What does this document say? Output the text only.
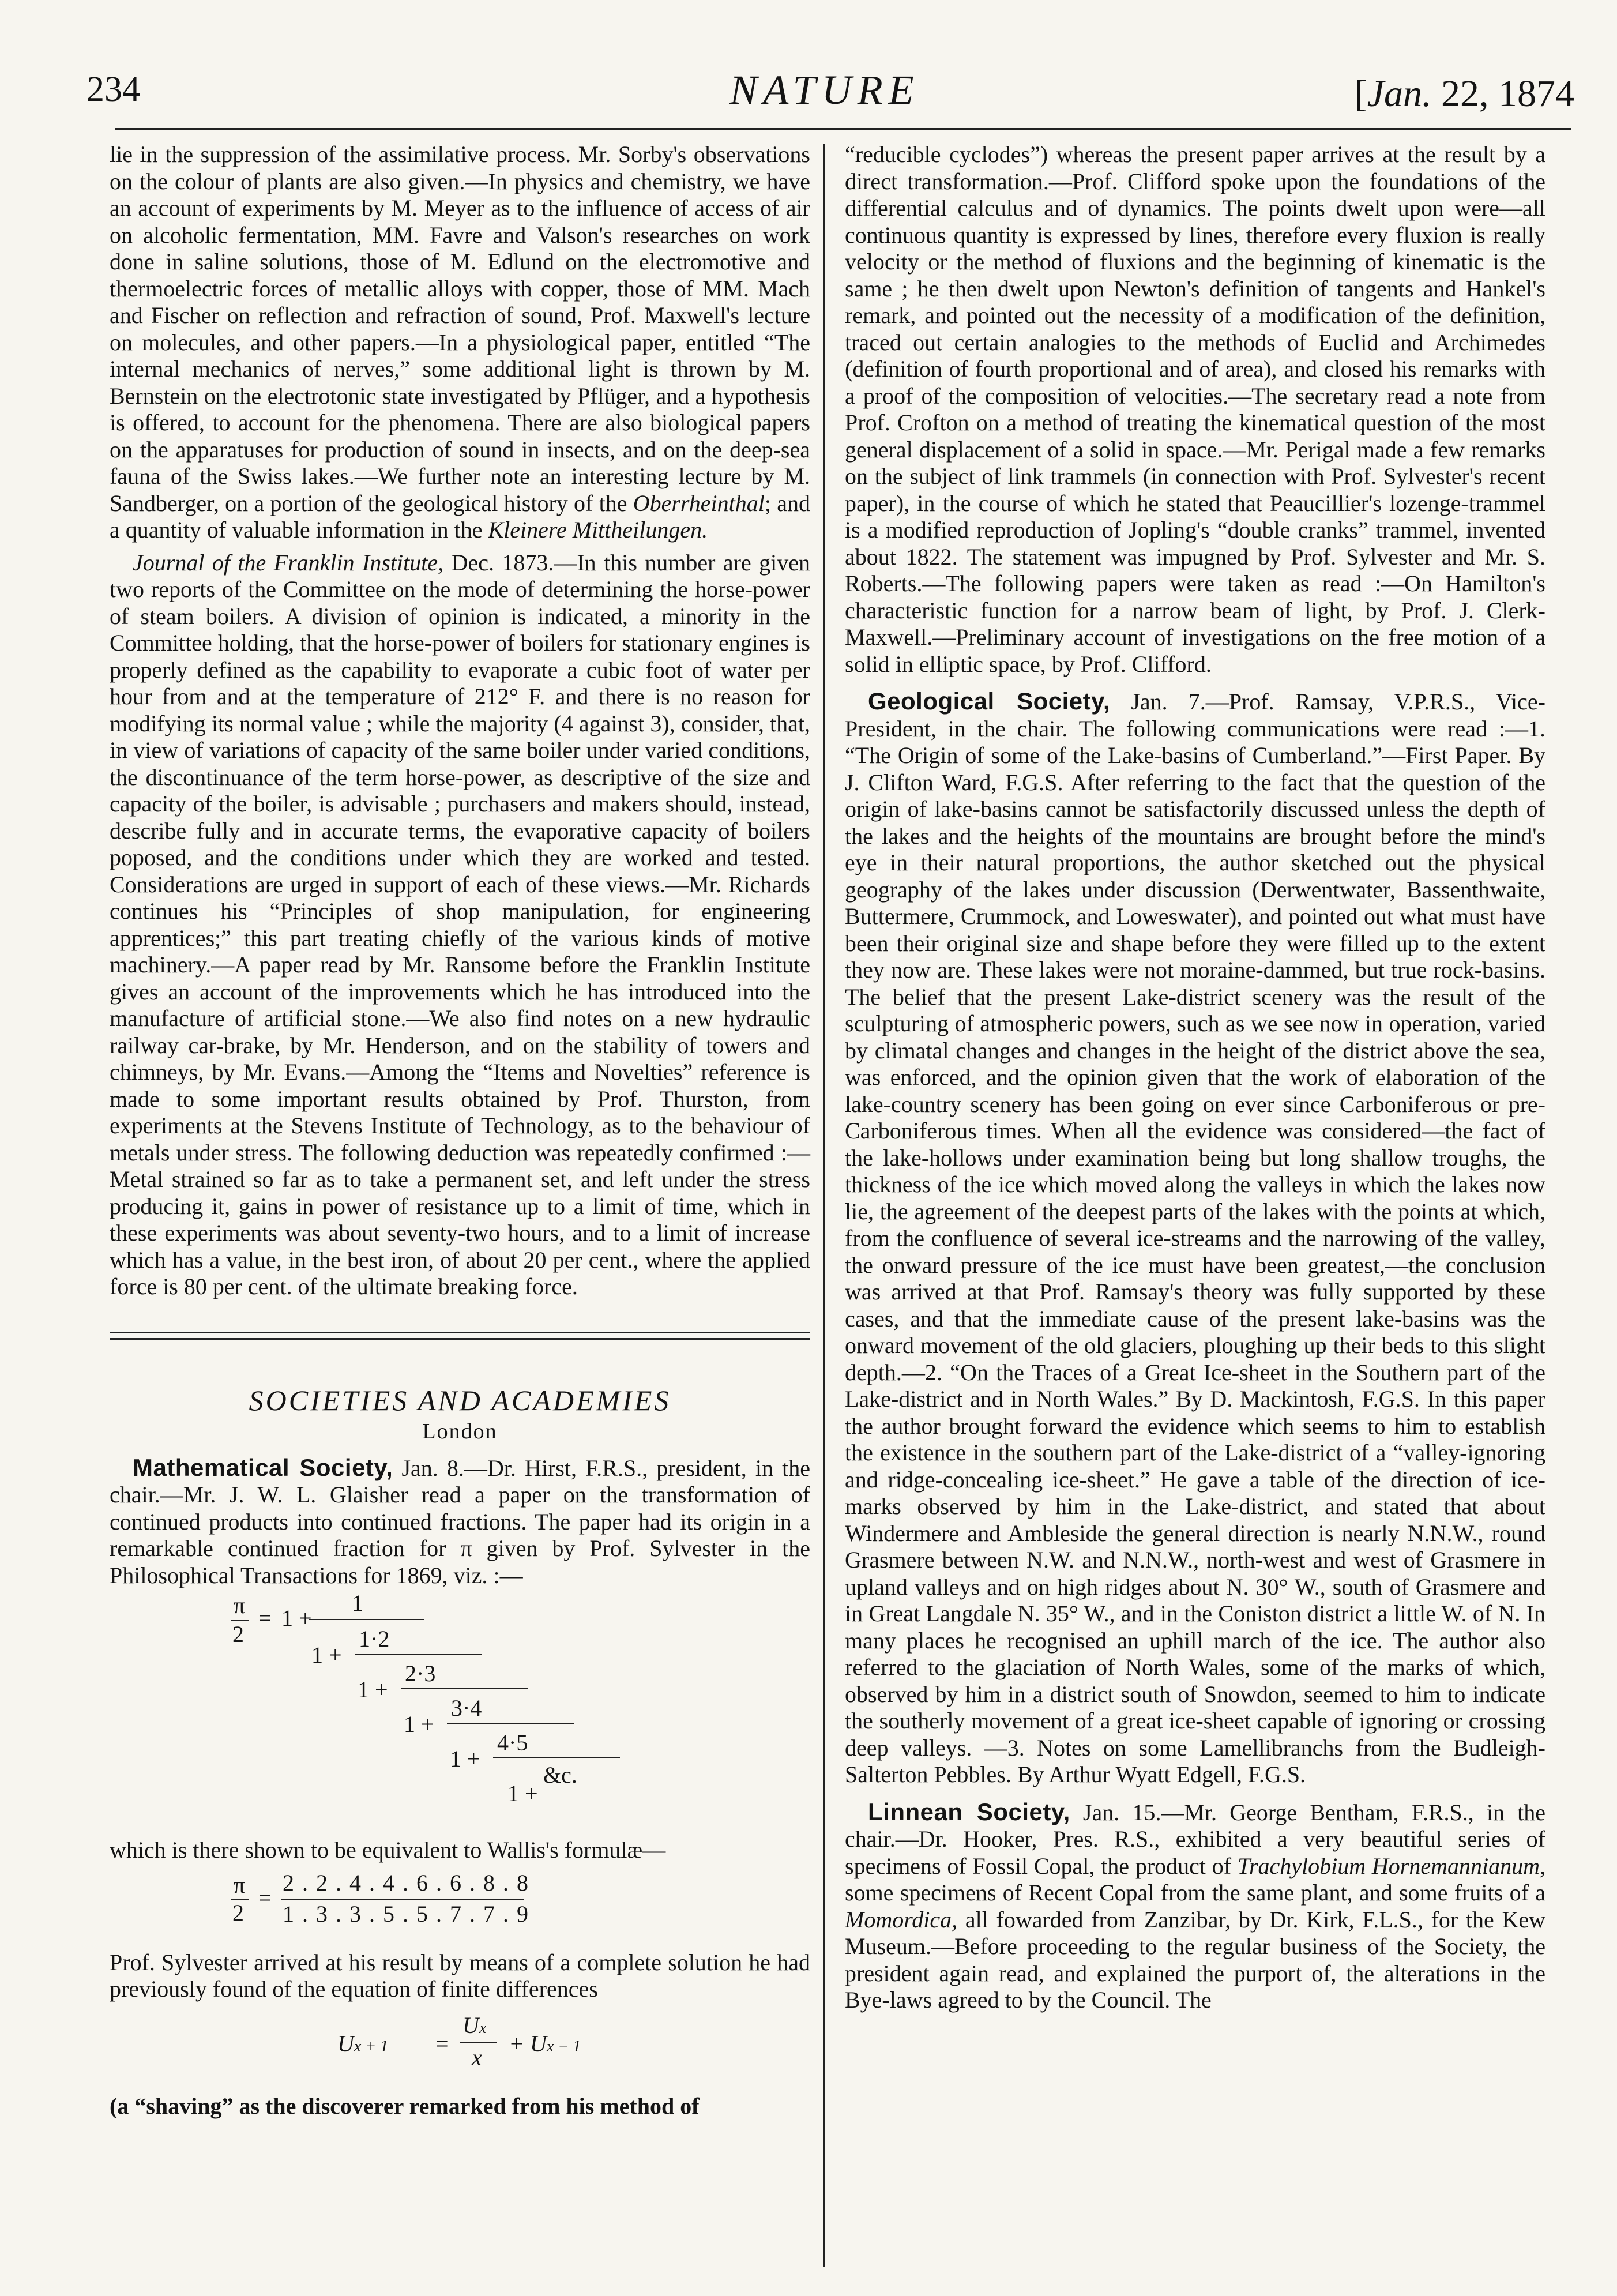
234	NATURE	[Jan. 22, 1874

lie in the suppression of the assimilative process. Mr. Sorby's observations on the colour of plants are also given.—In physics and chemistry, we have an account of experiments by M. Meyer as to the influence of access of air on alcoholic fermentation, MM. Favre and Valson's researches on work done in saline solutions, those of M. Edlund on the electromotive and thermoelectric forces of metallic alloys with copper, those of MM. Mach and Fischer on reflection and refraction of sound, Prof. Maxwell's lecture on molecules, and other papers.—In a physiological paper, entitled “The internal mechanics of nerves,” some additional light is thrown by M. Bernstein on the electrotonic state investigated by Pflüger, and a hypothesis is offered, to account for the phenomena. There are also biological papers on the apparatuses for production of sound in insects, and on the deep-sea fauna of the Swiss lakes.—We further note an interesting lecture by M. Sandberger, on a portion of the geological history of the Oberrheinthal; and a quantity of valuable information in the Kleinere Mittheilungen.

Journal of the Franklin Institute, Dec. 1873.—In this number are given two reports of the Committee on the mode of determining the horse-power of steam boilers. A division of opinion is indicated, a minority in the Committee holding, that the horse-power of boilers for stationary engines is properly defined as the capability to evaporate a cubic foot of water per hour from and at the temperature of 212° F. and there is no reason for modifying its normal value ; while the majority (4 against 3), consider, that, in view of variations of capacity of the same boiler under varied conditions, the discontinuance of the term horse-power, as descriptive of the size and capacity of the boiler, is advisable ; purchasers and makers should, instead, describe fully and in accurate terms, the evaporative capacity of boilers poposed, and the conditions under which they are worked and tested. Considerations are urged in support of each of these views.—Mr. Richards continues his “Principles of shop manipulation, for engineering apprentices;” this part treating chiefly of the various kinds of motive machinery.—A paper read by Mr. Ransome before the Franklin Institute gives an account of the improvements which he has introduced into the manufacture of artificial stone.—We also find notes on a new hydraulic railway car-brake, by Mr. Henderson, and on the stability of towers and chimneys, by Mr. Evans.—Among the “Items and Novelties” reference is made to some important results obtained by Prof. Thurston, from experiments at the Stevens Institute of Technology, as to the behaviour of metals under stress. The following deduction was repeatedly confirmed :—Metal strained so far as to take a permanent set, and left under the stress producing it, gains in power of resistance up to a limit of time, which in these experiments was about seventy-two hours, and to a limit of increase which has a value, in the best iron, of about 20 per cent., where the applied force is 80 per cent. of the ultimate breaking force.

SOCIETIES AND ACADEMIES
London

Mathematical Society, Jan. 8.—Dr. Hirst, F.R.S., president, in the chair.—Mr. J. W. L. Glaisher read a paper on the transformation of continued products into continued fractions. The paper had its origin in a remarkable continued fraction for π given by Prof. Sylvester in the Philosophical Transactions for 1869, viz. :—

π
2
= 1 +
1
1 +
1·2
1 +
2·3
1 +
3·4
1 +
4·5
1 +
&c.

which is there shown to be equivalent to Wallis's formulæ—

π
2
=
2 . 2 . 4 . 4 . 6 . 6 . 8 . 8
1 . 3 . 3 . 5 . 5 . 7 . 7 . 9

Prof. Sylvester arrived at his result by means of a complete solution he had previously found of the equation of finite differences

Ux + 1 =
Ux
x
+ Ux − 1

(a “shaving” as the discoverer remarked from his method of

“reducible cyclodes”) whereas the present paper arrives at the result by a direct transformation.—Prof. Clifford spoke upon the foundations of the differential calculus and of dynamics. The points dwelt upon were—all continuous quantity is expressed by lines, therefore every fluxion is really velocity or the method of fluxions and the beginning of kinematic is the same ; he then dwelt upon Newton's definition of tangents and Hankel's remark, and pointed out the necessity of a modification of the definition, traced out certain analogies to the methods of Euclid and Archimedes (definition of fourth proportional and of area), and closed his remarks with a proof of the composition of velocities.—The secretary read a note from Prof. Crofton on a method of treating the kinematical question of the most general displacement of a solid in space.—Mr. Perigal made a few remarks on the subject of link trammels (in connection with Prof. Sylvester's recent paper), in the course of which he stated that Peaucillier's lozenge-trammel is a modified reproduction of Jopling's “double cranks” trammel, invented about 1822. The statement was impugned by Prof. Sylvester and Mr. S. Roberts.—The following papers were taken as read :—On Hamilton's characteristic function for a narrow beam of light, by Prof. J. Clerk-Maxwell.—Preliminary account of investigations on the free motion of a solid in elliptic space, by Prof. Clifford.

Geological Society, Jan. 7.—Prof. Ramsay, V.P.R.S., Vice-President, in the chair. The following communications were read :—1. “The Origin of some of the Lake-basins of Cumberland.”—First Paper. By J. Clifton Ward, F.G.S. After referring to the fact that the question of the origin of lake-basins cannot be satisfactorily discussed unless the depth of the lakes and the heights of the mountains are brought before the mind's eye in their natural proportions, the author sketched out the physical geography of the lakes under discussion (Derwentwater, Bassenthwaite, Buttermere, Crummock, and Loweswater), and pointed out what must have been their original size and shape before they were filled up to the extent they now are. These lakes were not moraine-dammed, but true rock-basins. The belief that the present Lake-district scenery was the result of the sculpturing of atmospheric powers, such as we see now in operation, varied by climatal changes and changes in the height of the district above the sea, was enforced, and the opinion given that the work of elaboration of the lake-country scenery has been going on ever since Carboniferous or pre-Carboniferous times. When all the evidence was considered—the fact of the lake-hollows under examination being but long shallow troughs, the thickness of the ice which moved along the valleys in which the lakes now lie, the agreement of the deepest parts of the lakes with the points at which, from the confluence of several ice-streams and the narrowing of the valley, the onward pressure of the ice must have been greatest,—the conclusion was arrived at that Prof. Ramsay's theory was fully supported by these cases, and that the immediate cause of the present lake-basins was the onward movement of the old glaciers, ploughing up their beds to this slight depth.—2. “On the Traces of a Great Ice-sheet in the Southern part of the Lake-district and in North Wales.” By D. Mackintosh, F.G.S. In this paper the author brought forward the evidence which seems to him to establish the existence in the southern part of the Lake-district of a “valley-ignoring and ridge-concealing ice-sheet.” He gave a table of the direction of ice-marks observed by him in the Lake-district, and stated that about Windermere and Ambleside the general direction is nearly N.N.W., round Grasmere between N.W. and N.N.W., north-west and west of Grasmere in upland valleys and on high ridges about N. 30° W., south of Grasmere and in Great Langdale N. 35° W., and in the Coniston district a little W. of N. In many places he recognised an uphill march of the ice. The author also referred to the glaciation of North Wales, some of the marks of which, observed by him in a district south of Snowdon, seemed to him to indicate the southerly movement of a great ice-sheet capable of ignoring or crossing deep valleys. —3. Notes on some Lamellibranchs from the Budleigh-Salterton Pebbles. By Arthur Wyatt Edgell, F.G.S.

Linnean Society, Jan. 15.—Mr. George Bentham, F.R.S., in the chair.—Dr. Hooker, Pres. R.S., exhibited a very beautiful series of specimens of Fossil Copal, the product of Trachylobium Hornemannianum, some specimens of Recent Copal from the same plant, and some fruits of a Momordica, all fowarded from Zanzibar, by Dr. Kirk, F.L.S., for the Kew Museum.—Before proceeding to the regular business of the Society, the president again read, and explained the purport of, the alterations in the Bye-laws agreed to by the Council. The
